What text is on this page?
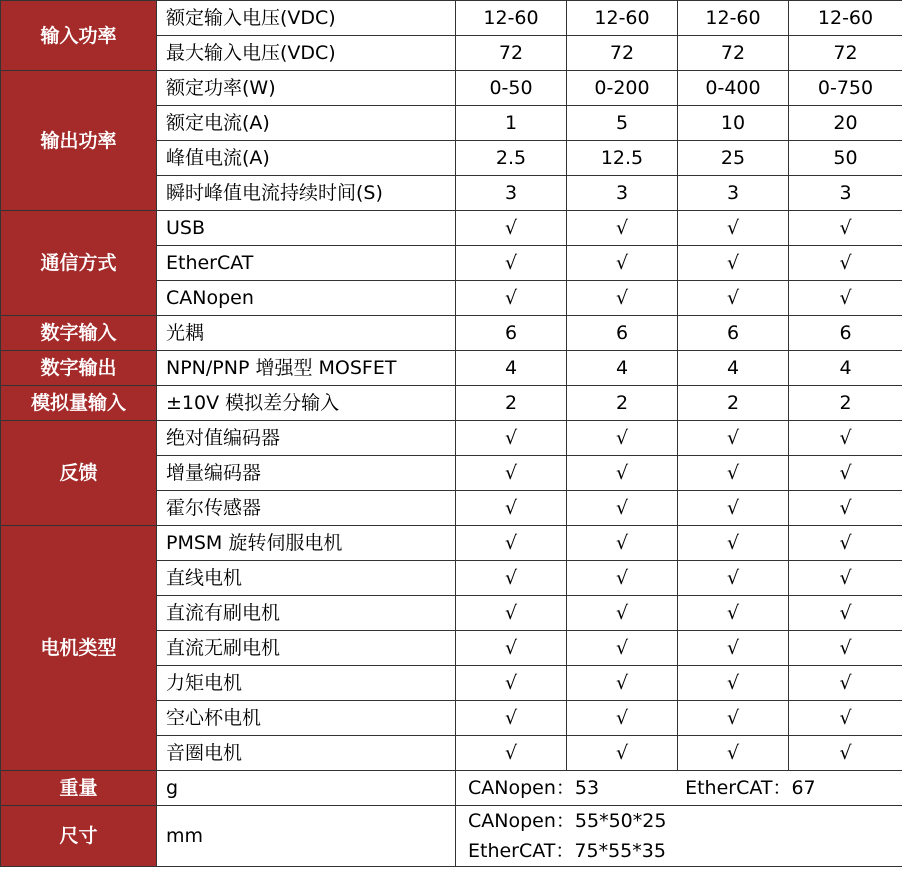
输入功率	额定输入电压(VDC)	12-60	12-60	12-60	12-60
	最大输入电压(VDC)	72	72	72	72
输出功率	额定功率(W)	0-50	0-200	0-400	0-750
	额定电流(A)	1	5	10	20
	峰值电流(A)	2.5	12.5	25	50
	瞬时峰值电流持续时间(S)	3	3	3	3
通信方式	USB	√	√	√	√
	EtherCAT	√	√	√	√
	CANopen	√	√	√	√
数字输入	光耦	6	6	6	6
数字输出	NPN/PNP 增强型 MOSFET	4	4	4	4
模拟量输入	±10V 模拟差分输入	2	2	2	2
反馈	绝对值编码器	√	√	√	√
	增量编码器	√	√	√	√
	霍尔传感器	√	√	√	√
电机类型	PMSM 旋转伺服电机	√	√	√	√
	直线电机	√	√	√	√
	直流有刷电机	√	√	√	√
	直流无刷电机	√	√	√	√
	力矩电机	√	√	√	√
	空心杯电机	√	√	√	√
	音圈电机	√	√	√	√
重量	g	CANopen：53 EtherCAT：67			
尺寸	mm	CANopen：55*50*25
EtherCAT：75*55*35			
